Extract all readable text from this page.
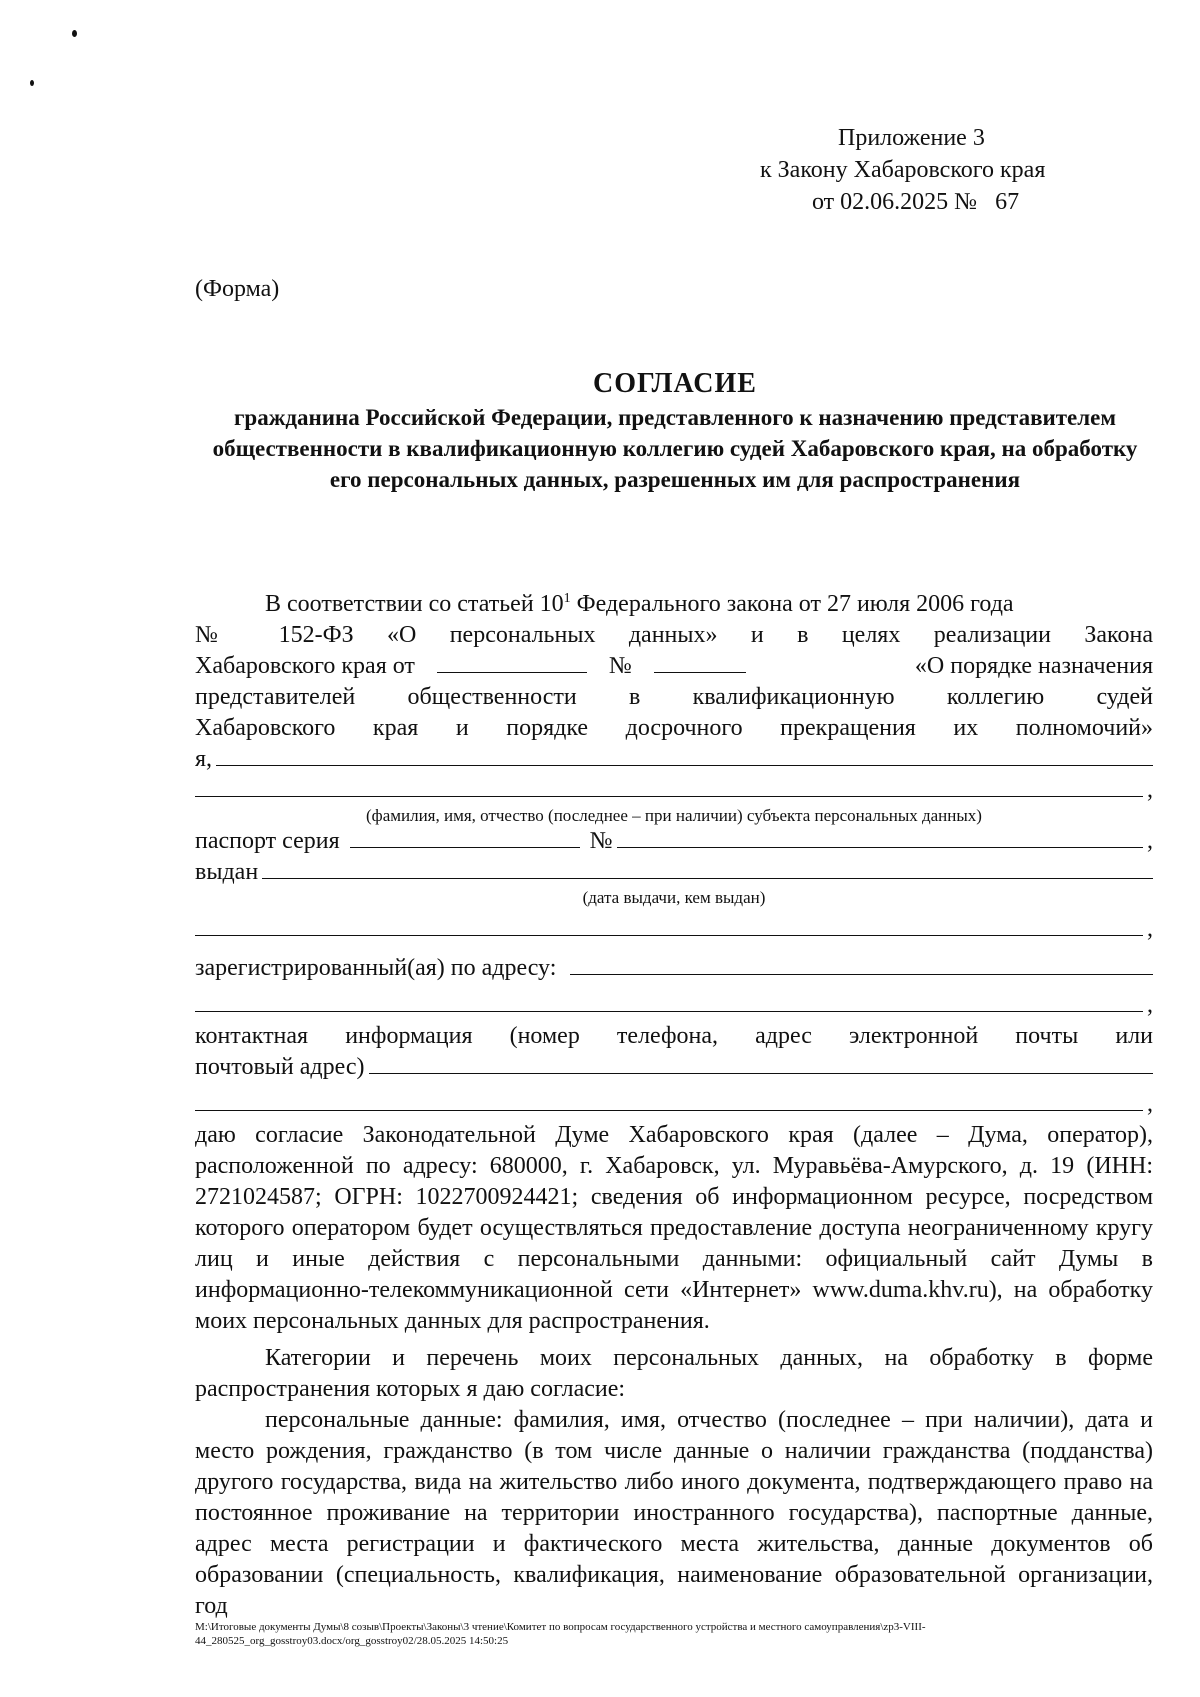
Приложение 3
к Закону Хабаровского края
от 02.06.2025 № 67
(Форма)
СОГЛАСИЕ
гражданина Российской Федерации, представленного к назначению представителем общественности в квалификационную коллегию судей Хабаровского края, на обработку его персональных данных, разрешенных им для распространения
В соответствии со статьей $10^1$ Федерального закона от 27 июля 2006 года
№ 152-ФЗ «О персональных данных» и в целях реализации Закона
Хабаровского края от	№	«О порядке назначения
представителей общественности в квалификационную коллегию судей
Хабаровского края и порядке досрочного прекращения их полномочий»
я,
,
(фамилия, имя, отчество (последнее – при наличии) субъекта персональных данных)
паспорт серия	№	,
выдан
(дата выдачи, кем выдан)
,
зарегистрированный(ая) по адресу:
,
контактная информация (номер телефона, адрес электронной почты или
почтовый адрес)
,
даю согласие Законодательной Думе Хабаровского края (далее – Дума, оператор), расположенной по адресу: 680000, г. Хабаровск, ул. Муравьёва-Амурского, д. 19 (ИНН: 2721024587; ОГРН: 1022700924421; сведения об информационном ресурсе, посредством которого оператором будет осуществляться предоставление доступа неограниченному кругу лиц и иные действия с персональными данными: официальный сайт Думы в информационно-телекоммуникационной сети «Интернет» www.duma.khv.ru), на обработку моих персональных данных для распространения.
Категории и перечень моих персональных данных, на обработку в форме распространения которых я даю согласие:
персональные данные: фамилия, имя, отчество (последнее – при наличии), дата и место рождения, гражданство (в том числе данные о наличии гражданства (подданства) другого государства, вида на жительство либо иного документа, подтверждающего право на постоянное проживание на территории иностранного государства), паспортные данные, адрес места регистрации и фактического места жительства, данные документов об образовании (специальность, квалификация, наименование образовательной организации, год
M:\Итоговые документы Думы\8 созыв\Проекты\Законы\3 чтение\Комитет по вопросам государственного устройства и местного самоуправления\zp3-VIII-44_280525_org_gosstroy03.docx/org_gosstroy02/28.05.2025 14:50:25
